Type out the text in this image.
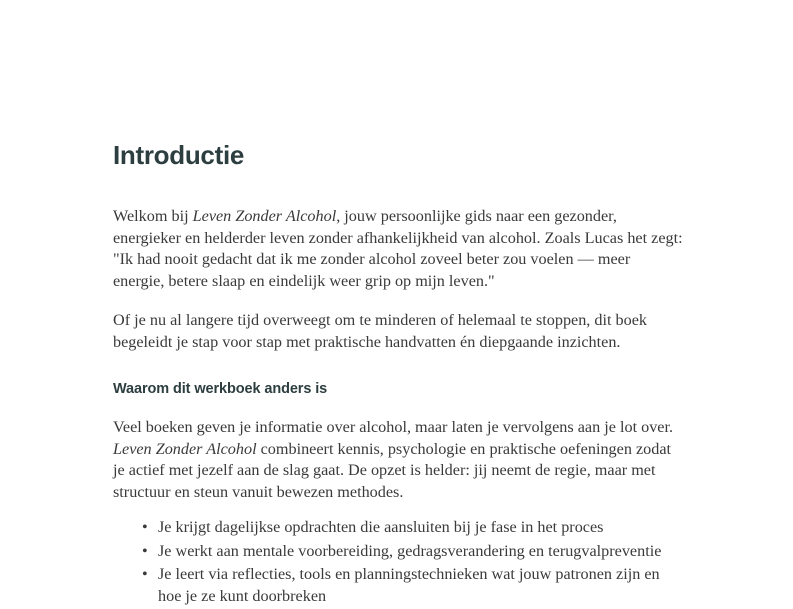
Introductie

Welkom bij Leven Zonder Alcohol, jouw persoonlijke gids naar een gezonder, energieker en helderder leven zonder afhankelijkheid van alcohol. Zoals Lucas het zegt: "Ik had nooit gedacht dat ik me zonder alcohol zoveel beter zou voelen — meer energie, betere slaap en eindelijk weer grip op mijn leven."

Of je nu al langere tijd overweegt om te minderen of helemaal te stoppen, dit boek begeleidt je stap voor stap met praktische handvatten én diepgaande inzichten.

Waarom dit werkboek anders is

Veel boeken geven je informatie over alcohol, maar laten je vervolgens aan je lot over. Leven Zonder Alcohol combineert kennis, psychologie en praktische oefeningen zodat je actief met jezelf aan de slag gaat. De opzet is helder: jij neemt de regie, maar met structuur en steun vanuit bewezen methodes.

• Je krijgt dagelijkse opdrachten die aansluiten bij je fase in het proces
• Je werkt aan mentale voorbereiding, gedragsverandering en terugvalpreventie
• Je leert via reflecties, tools en planningstechnieken wat jouw patronen zijn en hoe je ze kunt doorbreken
